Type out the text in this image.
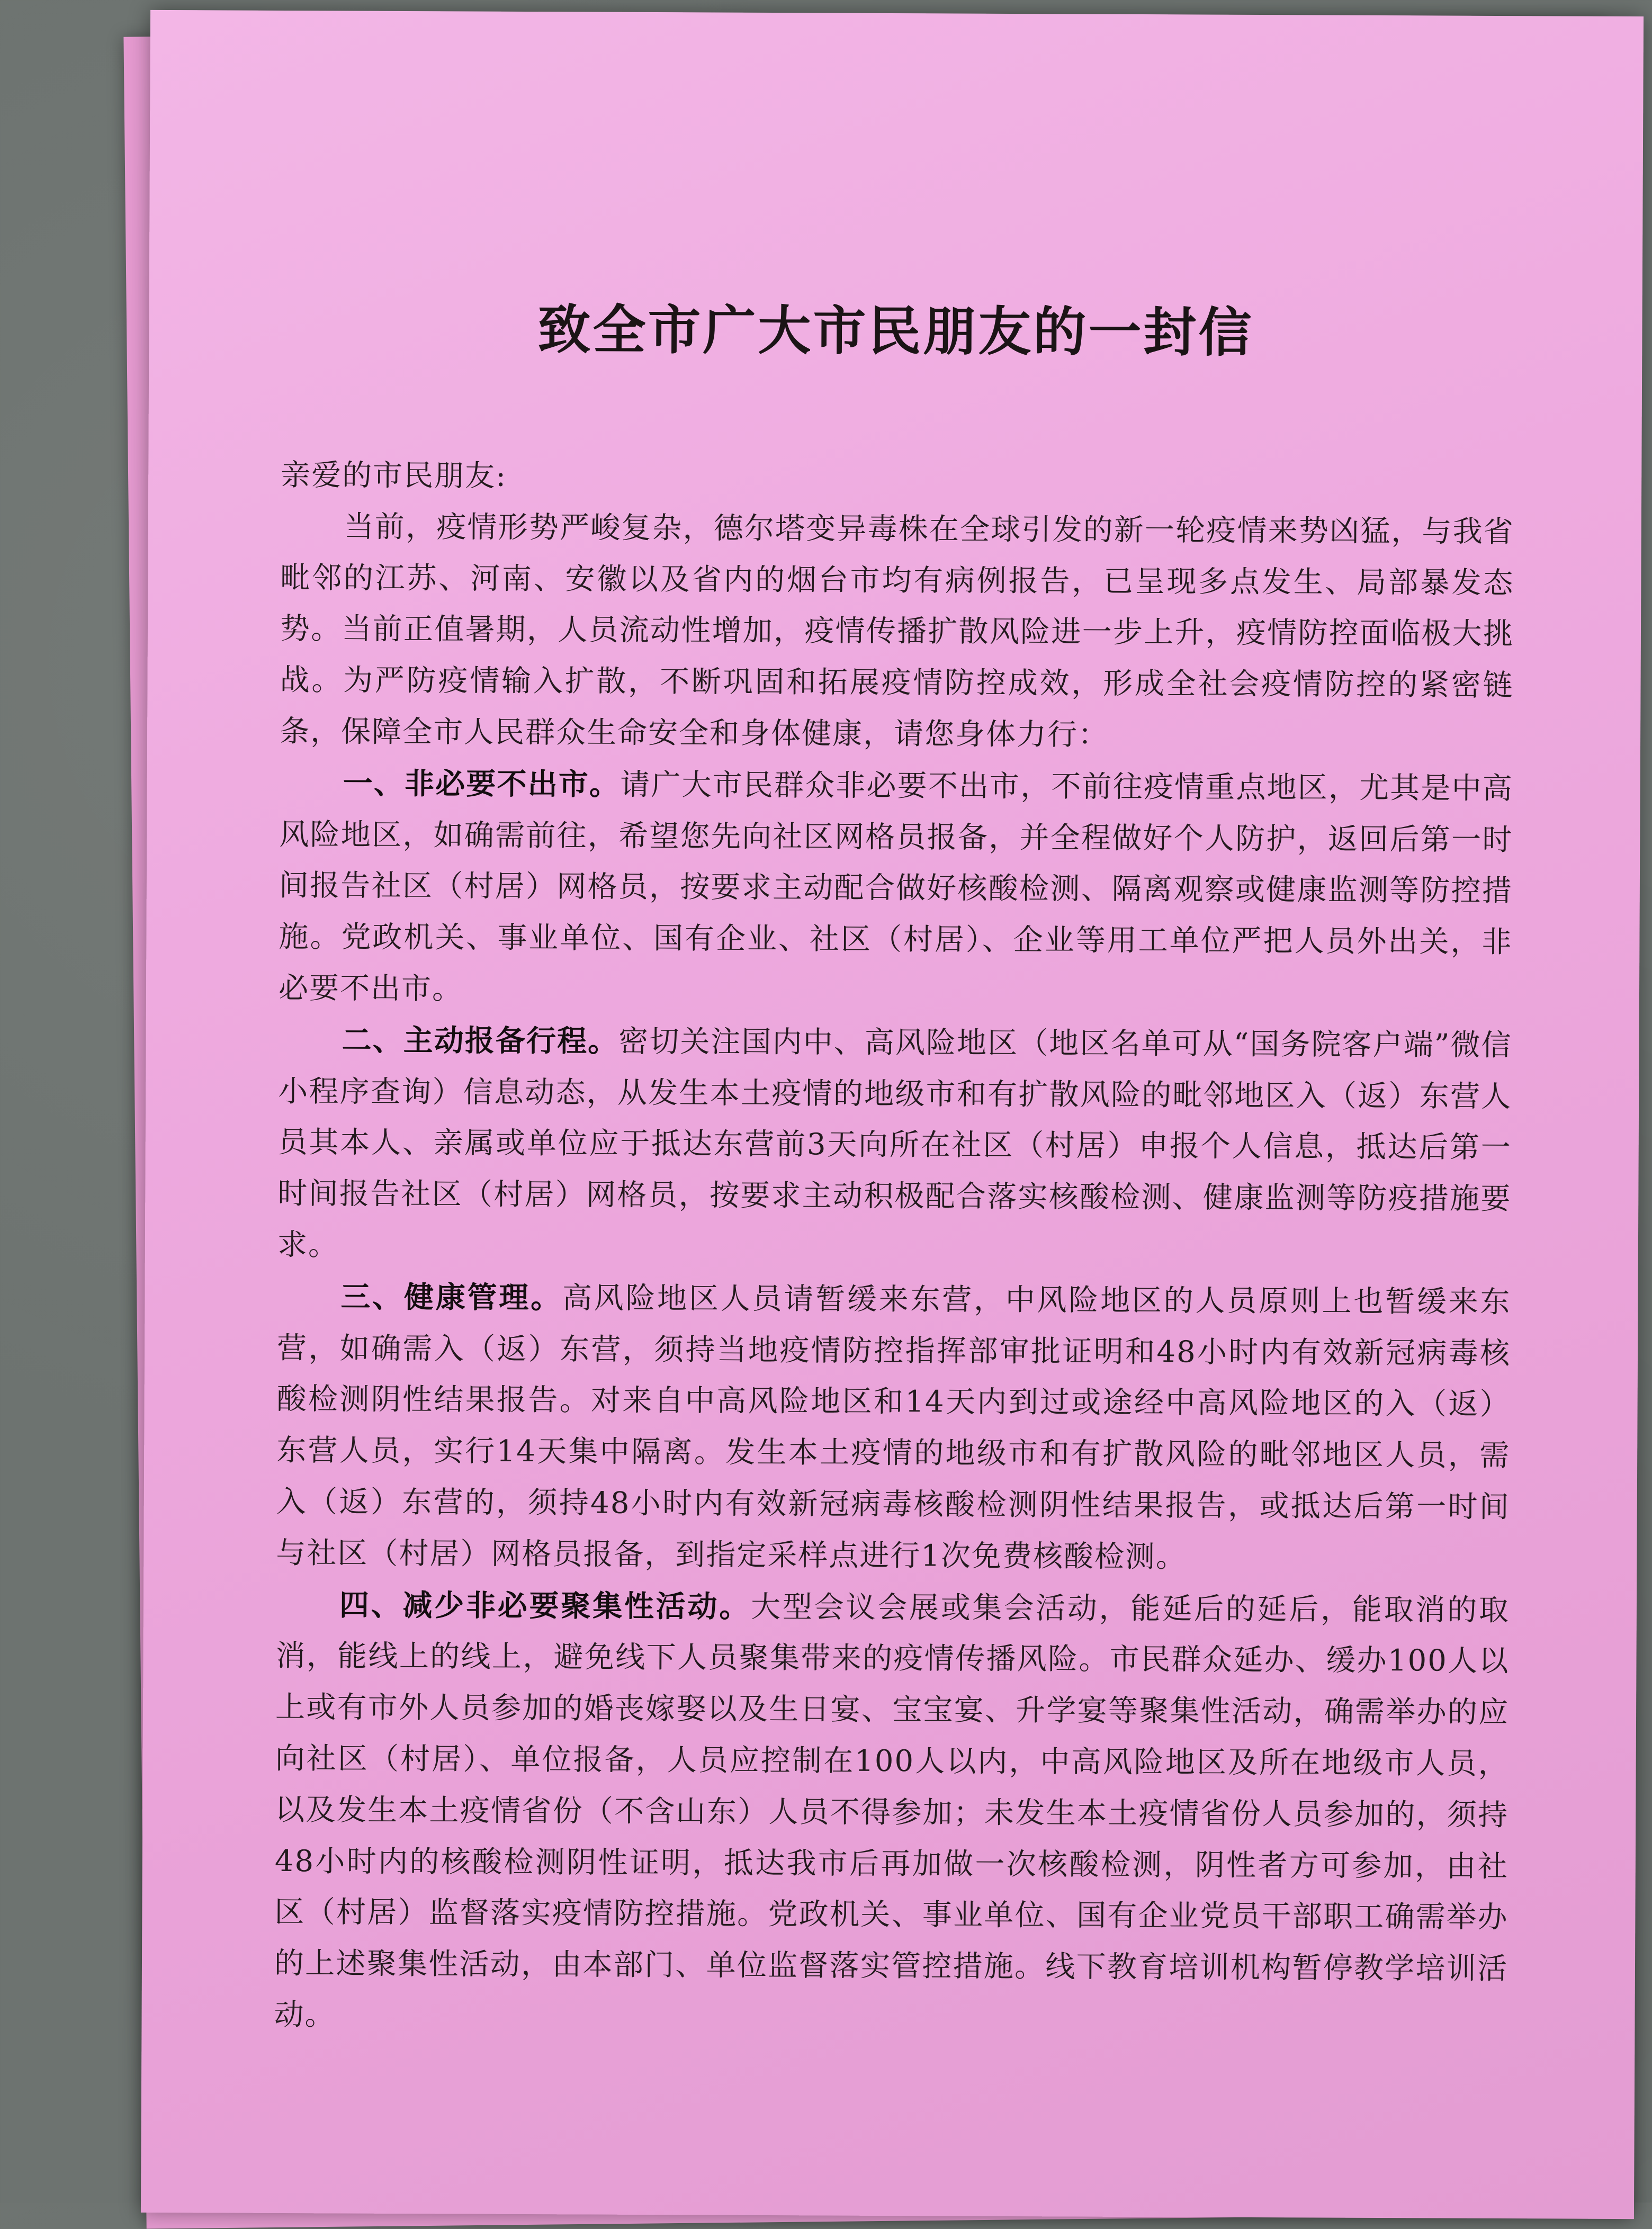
致全市广大市民朋友的一封信

亲爱的市民朋友:

当前，疫情形势严峻复杂，德尔塔变异毒株在全球引发的新一轮疫情来势凶猛，与我省毗邻的江苏、河南、安徽以及省内的烟台市均有病例报告，已呈现多点发生、局部暴发态势。当前正值暑期，人员流动性增加，疫情传播扩散风险进一步上升，疫情防控面临极大挑战。为严防疫情输入扩散，不断巩固和拓展疫情防控成效，形成全社会疫情防控的紧密链条，保障全市人民群众生命安全和身体健康，请您身体力行：

一、非必要不出市。请广大市民群众非必要不出市，不前往疫情重点地区，尤其是中高风险地区，如确需前往，希望您先向社区网格员报备，并全程做好个人防护，返回后第一时间报告社区（村居）网格员，按要求主动配合做好核酸检测、隔离观察或健康监测等防控措施。党政机关、事业单位、国有企业、社区（村居）、企业等用工单位严把人员外出关，非必要不出市。

二、主动报备行程。密切关注国内中、高风险地区（地区名单可从“国务院客户端”微信小程序查询）信息动态，从发生本土疫情的地级市和有扩散风险的毗邻地区入（返）东营人员其本人、亲属或单位应于抵达东营前3天向所在社区（村居）申报个人信息，抵达后第一时间报告社区（村居）网格员，按要求主动积极配合落实核酸检测、健康监测等防疫措施要求。

三、健康管理。高风险地区人员请暂缓来东营，中风险地区的人员原则上也暂缓来东营，如确需入（返）东营，须持当地疫情防控指挥部审批证明和48小时内有效新冠病毒核酸检测阴性结果报告。对来自中高风险地区和14天内到过或途经中高风险地区的入（返）东营人员，实行14天集中隔离。发生本土疫情的地级市和有扩散风险的毗邻地区人员，需入（返）东营的，须持48小时内有效新冠病毒核酸检测阴性结果报告，或抵达后第一时间与社区（村居）网格员报备，到指定采样点进行1次免费核酸检测。

四、减少非必要聚集性活动。大型会议会展或集会活动，能延后的延后，能取消的取消，能线上的线上，避免线下人员聚集带来的疫情传播风险。市民群众延办、缓办100人以上或有市外人员参加的婚丧嫁娶以及生日宴、宝宝宴、升学宴等聚集性活动，确需举办的应向社区（村居）、单位报备，人员应控制在100人以内，中高风险地区及所在地级市人员，以及发生本土疫情省份（不含山东）人员不得参加；未发生本土疫情省份人员参加的，须持48小时内的核酸检测阴性证明，抵达我市后再加做一次核酸检测，阴性者方可参加，由社区（村居）监督落实疫情防控措施。党政机关、事业单位、国有企业党员干部职工确需举办的上述聚集性活动，由本部门、单位监督落实管控措施。线下教育培训机构暂停教学培训活动。
